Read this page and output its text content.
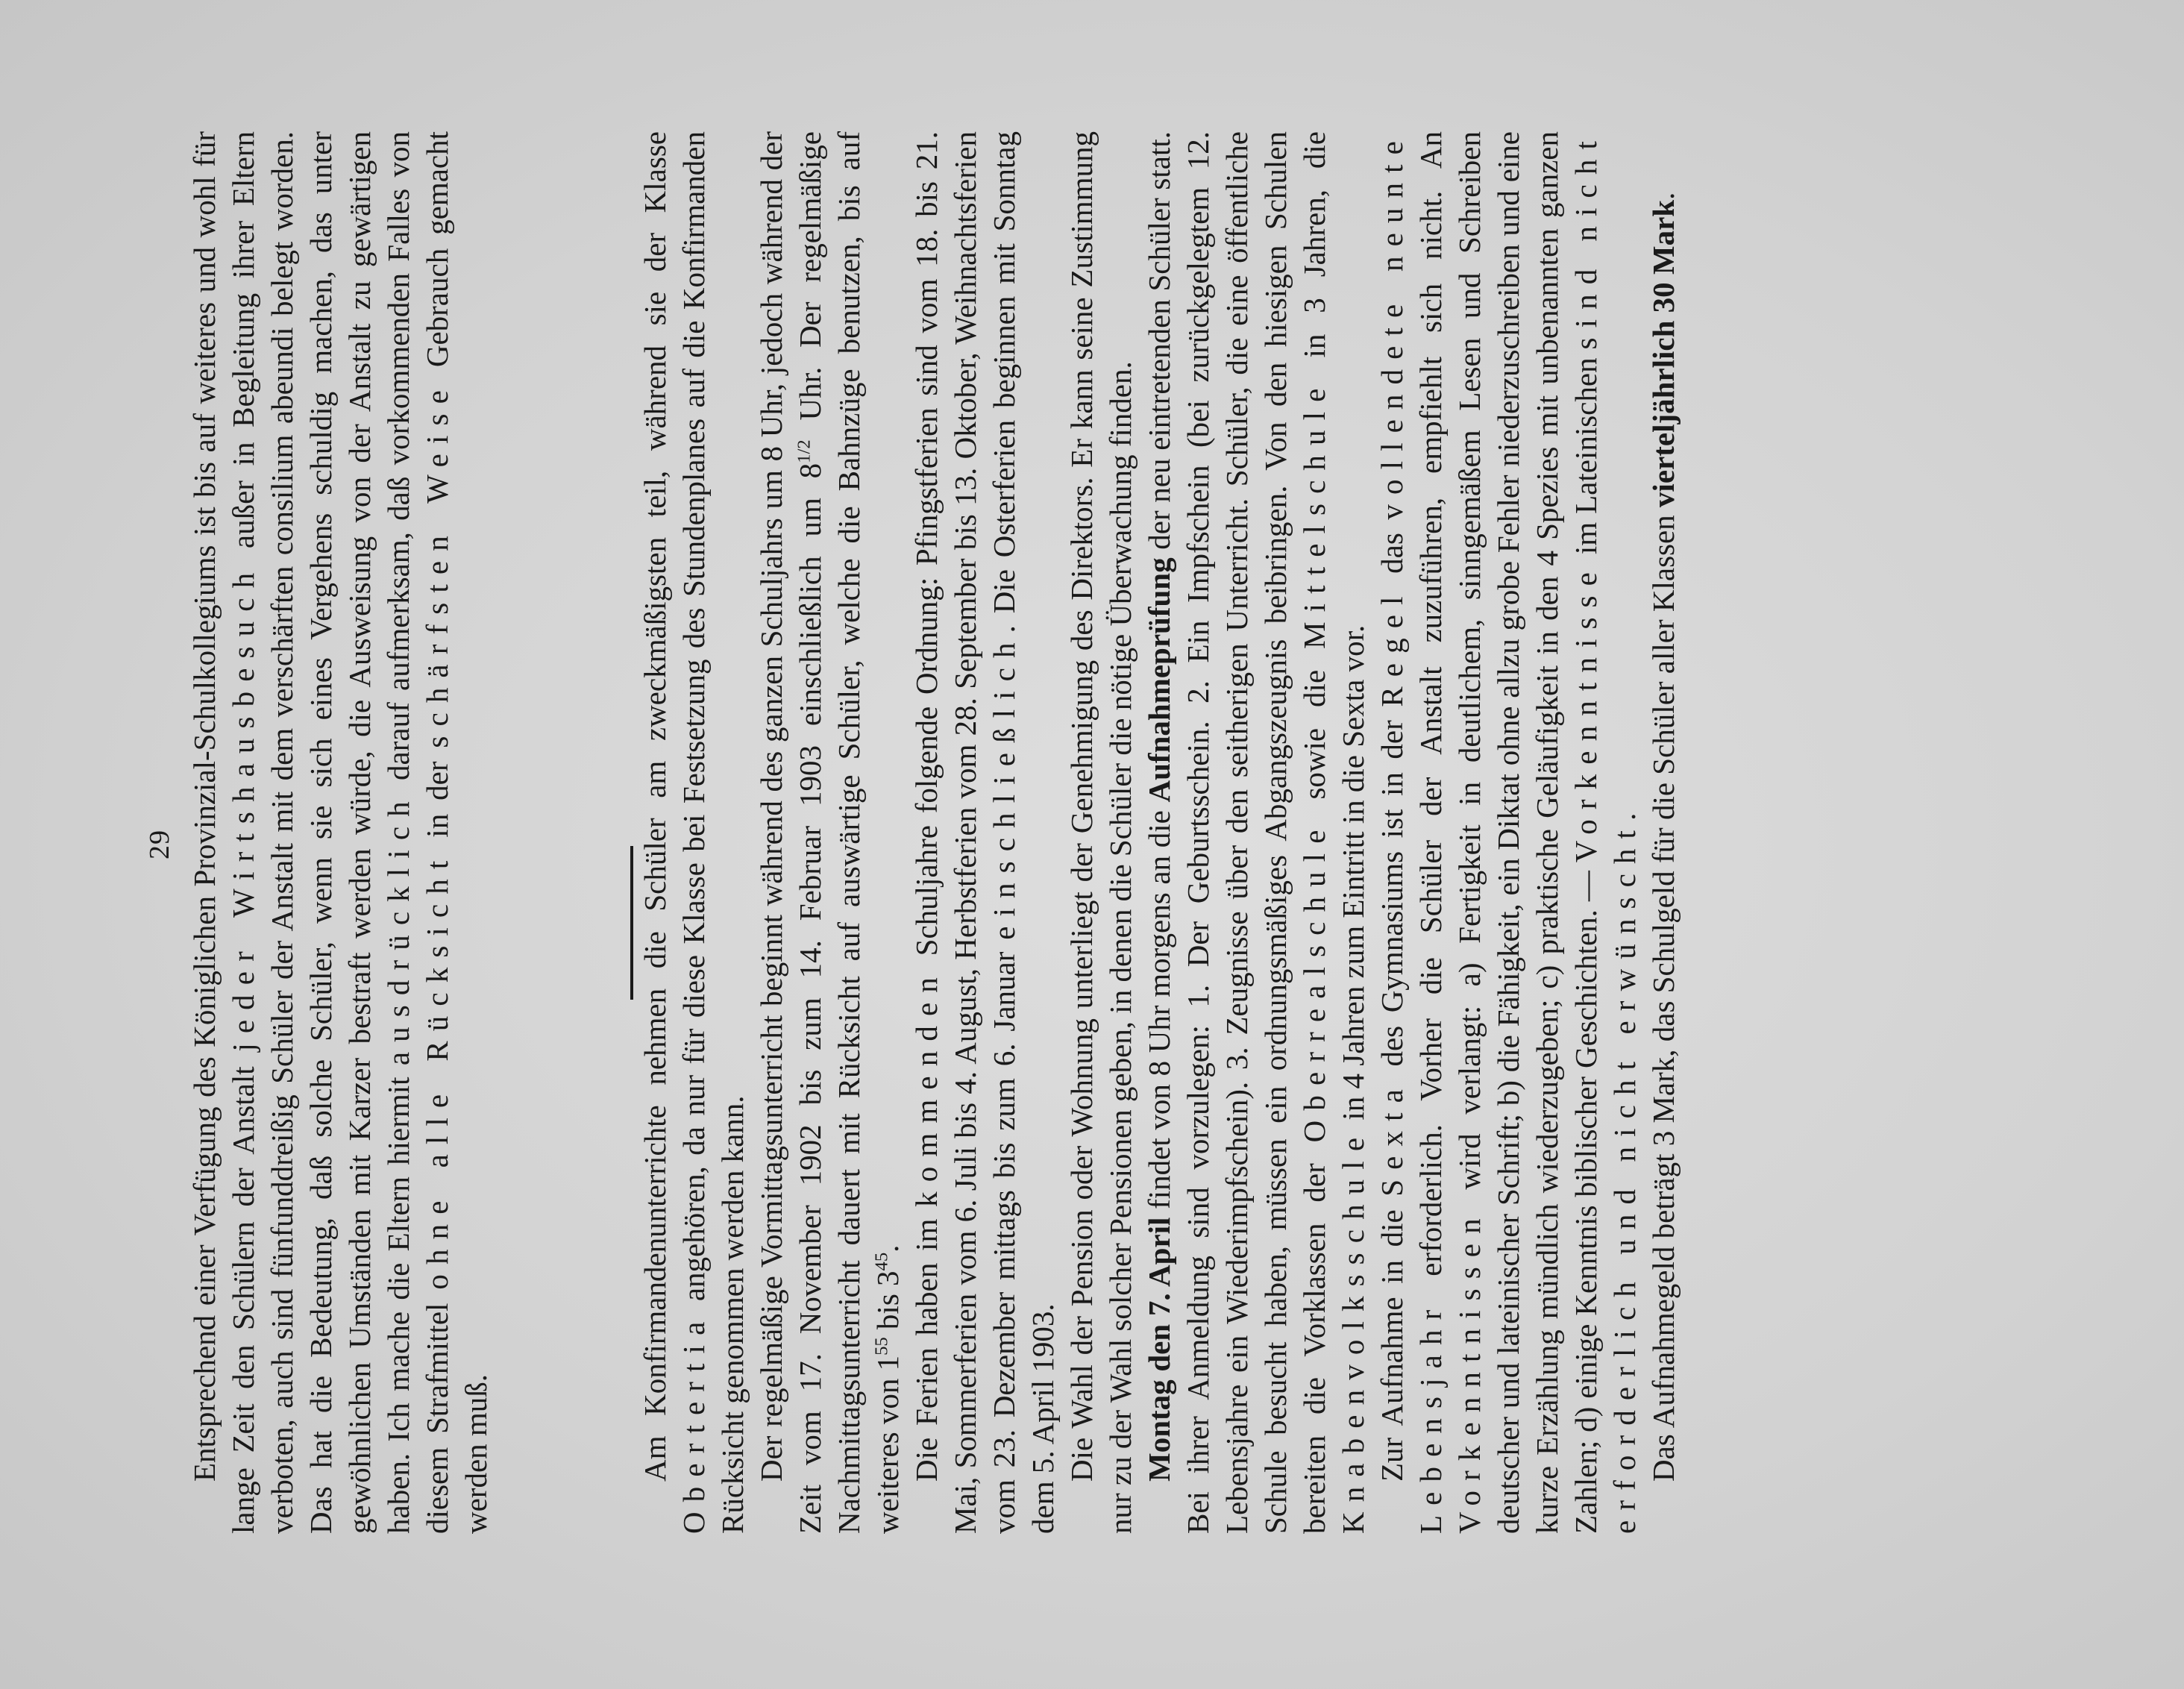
29 Entsprechend einer Verfügung des Königlichen Provinzial-Schulkollegiums ist bis auf weiteres und wohl für lange Zeit den Schülern der Anstalt jeder Wirtshausbesuch außer in Begleitung ihrer Eltern verboten, auch sind fünfunddreißig Schüler der Anstalt mit dem verschärften consilium abeundi belegt worden. Das hat die Bedeutung, daß solche Schüler, wenn sie sich eines Vergehens schuldig machen, das unter gewöhnlichen Umständen mit Karzer bestraft werden würde, die Ausweisung von der Anstalt zu gewärtigen haben. Ich mache die Eltern hiermit ausdrücklich darauf aufmerksam, daß vorkommenden Falles von diesem Strafmittel ohne alle Rücksicht in der schärfsten Weise Gebrauch gemacht werden muß.	Am Konfirmandenunterrichte nehmen die Schüler am zweckmäßigsten teil, während sie der Klasse Obertertia angehören, da nur für diese Klasse bei Festsetzung des Stundenplanes auf die Konfirmanden Rücksicht genommen werden kann. Der regelmäßige Vormittagsunterricht beginnt während des ganzen Schuljahrs um 8 Uhr, jedoch während der Zeit vom 17. November 1902 bis zum 14. Februar 1903 einschließlich um $8^{1/2}$ Uhr. Der regelmäßige Nachmittagsunterricht dauert mit Rücksicht auf auswärtige Schüler, welche die Bahnzüge benutzen, bis auf weiteres von $1^{55}$ bis $3^{45}$. Die Ferien haben im kommenden Schuljahre folgende Ordnung: Pfingstferien sind vom 18. bis 21. Mai, Sommerferien vom 6. Juli bis 4. August, Herbstferien vom 28. September bis 13. Oktober, Weihnachtsferien vom 23. Dezember mittags bis zum 6. Januar einschließlich. Die Osterferien beginnen mit Sonntag dem 5. April 1903. Die Wahl der Pension oder Wohnung unterliegt der Genehmigung des Direktors. Er kann seine Zustimmung nur zu der Wahl solcher Pensionen geben, in denen die Schüler die nötige Überwachung finden. Montag den 7. April findet von 8 Uhr morgens an die Aufnahmeprüfung der neu eintretenden Schüler statt. Bei ihrer Anmeldung sind vorzulegen: 1. Der Geburtsschein. 2. Ein Impfschein (bei zurückgelegtem 12. Lebensjahre ein Wiederimpfschein). 3. Zeugnisse über den seitherigen Unterricht. Schüler, die eine öffentliche Schule besucht haben, müssen ein ordnungsmäßiges Abgangszeugnis beibringen. Von den hiesigen Schulen bereiten die Vorklassen der Oberrealschule sowie die Mittelschule in 3 Jahren, die Knabenvolksschule in 4 Jahren zum Eintritt in die Sexta vor.

Zur Aufnahme in die Sexta des Gymnasiums ist in der Regel das vollendete neunte Lebensjahr erforderlich. Vorher die Schüler der Anstalt zuzuführen, empfiehlt sich nicht. An Vorkenntnissen wird verlangt: a) Fertigkeit in deutlichem, sinngemäßem Lesen und Schreiben deutscher und lateinischer Schrift; b) die Fähigkeit, ein Diktat ohne allzu grobe Fehler niederzuschreiben und eine kurze Erzählung mündlich wiederzugeben; c) praktische Geläufigkeit in den 4 Spezies mit unbenannten ganzen Zahlen; d) einige Kenntnis biblischer Geschichten. — Vorkenntnisse im Lateinischen sind nicht erforderlich und nicht erwünscht. Das Aufnahmegeld beträgt 3 Mark, das Schulgeld für die Schüler aller Klassen vierteljährlich 30 Mark.
